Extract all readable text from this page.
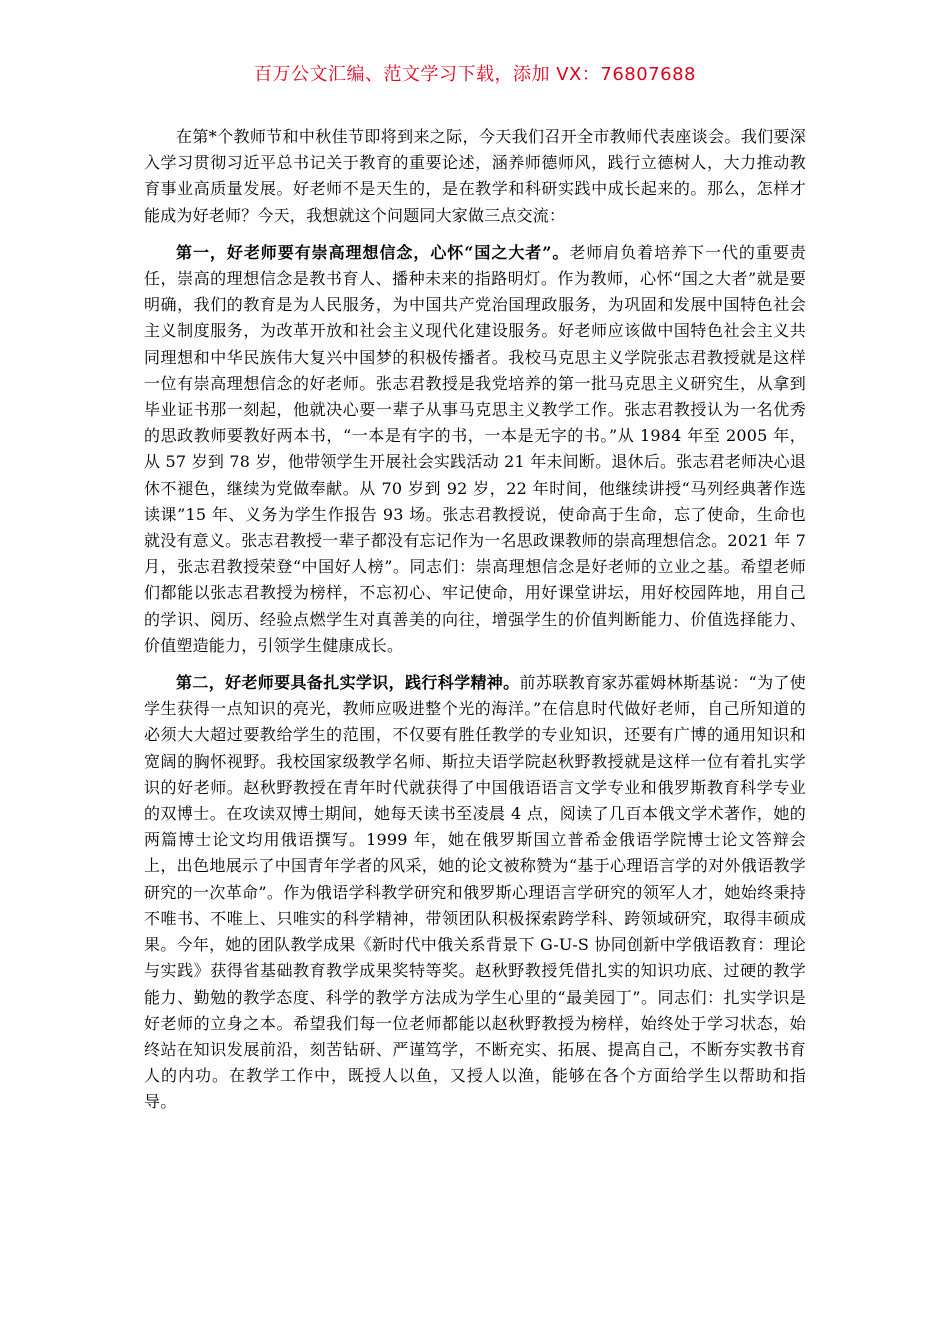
百万公文汇编、范文学习下载，添加 VX：76807688

在第*个教师节和中秋佳节即将到来之际，今天我们召开全市教师代表座谈会。我们要深入学习贯彻习近平总书记关于教育的重要论述，涵养师德师风，践行立德树人，大力推动教育事业高质量发展。好老师不是天生的，是在教学和科研实践中成长起来的。那么，怎样才能成为好老师？今天，我想就这个问题同大家做三点交流：

第一，好老师要有崇高理想信念，心怀“国之大者”。老师肩负着培养下一代的重要责任，崇高的理想信念是教书育人、播种未来的指路明灯。作为教师，心怀“国之大者”就是要明确，我们的教育是为人民服务，为中国共产党治国理政服务，为巩固和发展中国特色社会主义制度服务，为改革开放和社会主义现代化建设服务。好老师应该做中国特色社会主义共同理想和中华民族伟大复兴中国梦的积极传播者。我校马克思主义学院张志君教授就是这样一位有崇高理想信念的好老师。张志君教授是我党培养的第一批马克思主义研究生，从拿到毕业证书那一刻起，他就决心要一辈子从事马克思主义教学工作。张志君教授认为一名优秀的思政教师要教好两本书，“一本是有字的书，一本是无字的书。”从 1984 年至 2005 年，从 57 岁到 78 岁，他带领学生开展社会实践活动 21 年未间断。退休后。张志君老师决心退休不褪色，继续为党做奉献。从 70 岁到 92 岁，22 年时间，他继续讲授“马列经典著作选读课”15 年、义务为学生作报告 93 场。张志君教授说，使命高于生命，忘了使命，生命也就没有意义。张志君教授一辈子都没有忘记作为一名思政课教师的崇高理想信念。2021 年 7 月，张志君教授荣登“中国好人榜”。同志们：崇高理想信念是好老师的立业之基。希望老师们都能以张志君教授为榜样，不忘初心、牢记使命，用好课堂讲坛，用好校园阵地，用自己的学识、阅历、经验点燃学生对真善美的向往，增强学生的价值判断能力、价值选择能力、价值塑造能力，引领学生健康成长。

第二，好老师要具备扎实学识，践行科学精神。前苏联教育家苏霍姆林斯基说：“为了使学生获得一点知识的亮光，教师应吸进整个光的海洋。”在信息时代做好老师，自己所知道的必须大大超过要教给学生的范围，不仅要有胜任教学的专业知识，还要有广博的通用知识和宽阔的胸怀视野。我校国家级教学名师、斯拉夫语学院赵秋野教授就是这样一位有着扎实学识的好老师。赵秋野教授在青年时代就获得了中国俄语语言文学专业和俄罗斯教育科学专业的双博士。在攻读双博士期间，她每天读书至凌晨 4 点，阅读了几百本俄文学术著作，她的两篇博士论文均用俄语撰写。1999 年，她在俄罗斯国立普希金俄语学院博士论文答辩会上，出色地展示了中国青年学者的风采，她的论文被称赞为“基于心理语言学的对外俄语教学研究的一次革命”。作为俄语学科教学研究和俄罗斯心理语言学研究的领军人才，她始终秉持不唯书、不唯上、只唯实的科学精神，带领团队积极探索跨学科、跨领域研究，取得丰硕成果。今年，她的团队教学成果《新时代中俄关系背景下 G-U-S 协同创新中学俄语教育：理论与实践》获得省基础教育教学成果奖特等奖。赵秋野教授凭借扎实的知识功底、过硬的教学能力、勤勉的教学态度、科学的教学方法成为学生心里的“最美园丁”。同志们：扎实学识是好老师的立身之本。希望我们每一位老师都能以赵秋野教授为榜样，始终处于学习状态，始终站在知识发展前沿，刻苦钻研、严谨笃学，不断充实、拓展、提高自己，不断夯实教书育人的内功。在教学工作中，既授人以鱼，又授人以渔，能够在各个方面给学生以帮助和指导。
